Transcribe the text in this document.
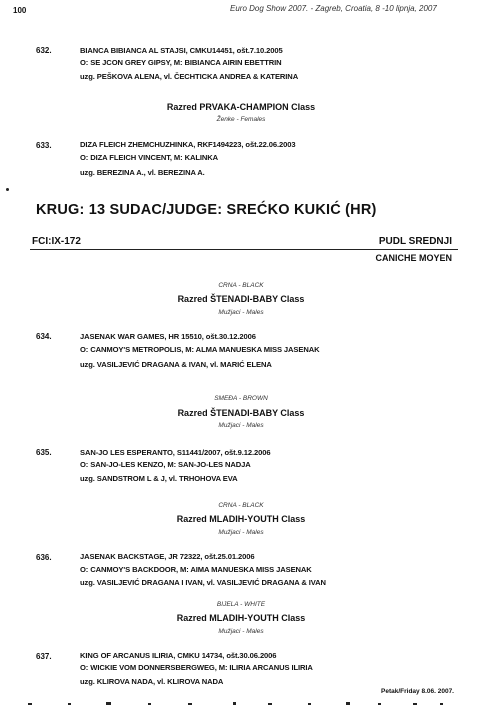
100	Euro Dog Show 2007. - Zagreb, Croatia, 8 -10 lipnja, 2007
632.	BIANCA BIBIANCA AL STAJSI, CMKU14451, ošt.7.10.2005
O: SE JCON GREY GIPSY, M: BIBIANCA AIRIN EBETTRIN
uzg. PEŠKOVA ALENA, vl. ČECHTICKA ANDREA & KATERINA
Razred PRVAKA-CHAMPION Class
Ženke - Females
633.	DIZA FLEICH ZHEMCHUZHINKA, RKF1494223, ošt.22.06.2003
O: DIZA FLEICH VINCENT, M: KALINKA
uzg. BEREZINA A., vl. BEREZINA A.
KRUG: 13 SUDAC/JUDGE: SREĆKO KUKIĆ (HR)
FCI:IX-172	PUDL SREDNJI
CANICHE MOYEN
CRNA - BLACK
Razred ŠTENADI-BABY Class
Mužjaci - Males
634.	JASENAK WAR GAMES, HR 15510, ošt.30.12.2006
O: CANMOY'S METROPOLIS, M: ALMA MANUESKA MISS JASENAK
uzg. VASILJEVIĆ DRAGANA & IVAN, vl. MARIĆ ELENA
SMEĐA - BROWN
Razred ŠTENADI-BABY Class
Mužjaci - Males
635.	SAN-JO LES ESPERANTO, S11441/2007, ošt.9.12.2006
O: SAN-JO-LES KENZO, M: SAN-JO-LES NADJA
uzg. SANDSTROM L & J, vl. TRHOHOVA EVA
CRNA - BLACK
Razred MLADIH-YOUTH Class
Mužjaci - Males
636.	JASENAK BACKSTAGE, JR 72322, ošt.25.01.2006
O: CANMOY'S BACKDOOR, M: AIMA MANUESKA MISS JASENAK
uzg. VASILJEVIĆ DRAGANA I IVAN, vl. VASILJEVIĆ DRAGANA & IVAN
BIJELA - WHITE
Razred MLADIH-YOUTH Class
Mužjaci - Males
637.	KING OF ARCANUS ILIRIA, CMKU 14734, ošt.30.06.2006
O: WICKIE VOM DONNERSBERGWEG, M: ILIRIA ARCANUS ILIRIA
uzg. KLIROVA NADA, vl. KLIROVA NADA
Petak/Friday 8.06. 2007.
